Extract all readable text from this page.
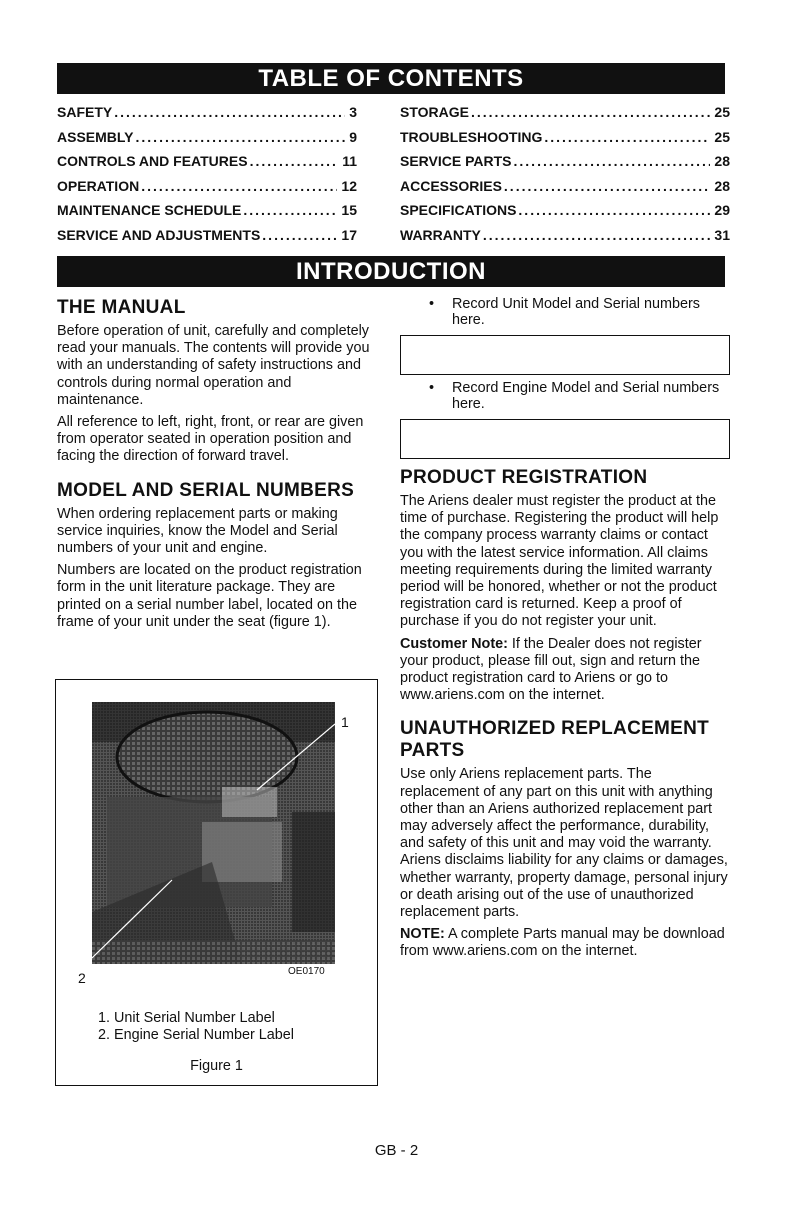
TABLE OF CONTENTS
SAFETY .....	3
ASSEMBLY .....	9
CONTROLS AND FEATURES .....	11
OPERATION .....	12
MAINTENANCE SCHEDULE .....	15
SERVICE AND ADJUSTMENTS .....	17
STORAGE .....	25
TROUBLESHOOTING .....	25
SERVICE PARTS .....	28
ACCESSORIES .....	28
SPECIFICATIONS .....	29
WARRANTY .....	31
INTRODUCTION
THE MANUAL

Before operation of unit, carefully and completely read your manuals. The contents will provide you with an understanding of safety instructions and controls during normal operation and maintenance.

All reference to left, right, front, or rear are given from operator seated in operation position and facing the direction of forward travel.

MODEL AND SERIAL NUMBERS

When ordering replacement parts or making service inquiries, know the Model and Serial numbers of your unit and engine.

Numbers are located on the product registration form in the unit literature package. They are printed on a serial number label, located on the frame of your unit under the seat (figure 1).

1
2	OE0170
1. Unit Serial Number Label
2. Engine Serial Number Label
Figure 1

• Record Unit Model and Serial numbers here.

• Record Engine Model and Serial numbers here.

PRODUCT REGISTRATION

The Ariens dealer must register the product at the time of purchase. Registering the product will help the company process warranty claims or contact you with the latest service information. All claims meeting requirements during the limited warranty period will be honored, whether or not the product registration card is returned. Keep a proof of purchase if you do not register your unit.

Customer Note: If the Dealer does not register your product, please fill out, sign and return the product registration card to Ariens or go to www.ariens.com on the internet.

UNAUTHORIZED REPLACEMENT PARTS

Use only Ariens replacement parts. The replacement of any part on this unit with anything other than an Ariens authorized replacement part may adversely affect the performance, durability, and safety of this unit and may void the warranty. Ariens disclaims liability for any claims or damages, whether warranty, property damage, personal injury or death arising out of the use of unauthorized replacement parts.

NOTE: A complete Parts manual may be download from www.ariens.com on the internet.

GB - 2
